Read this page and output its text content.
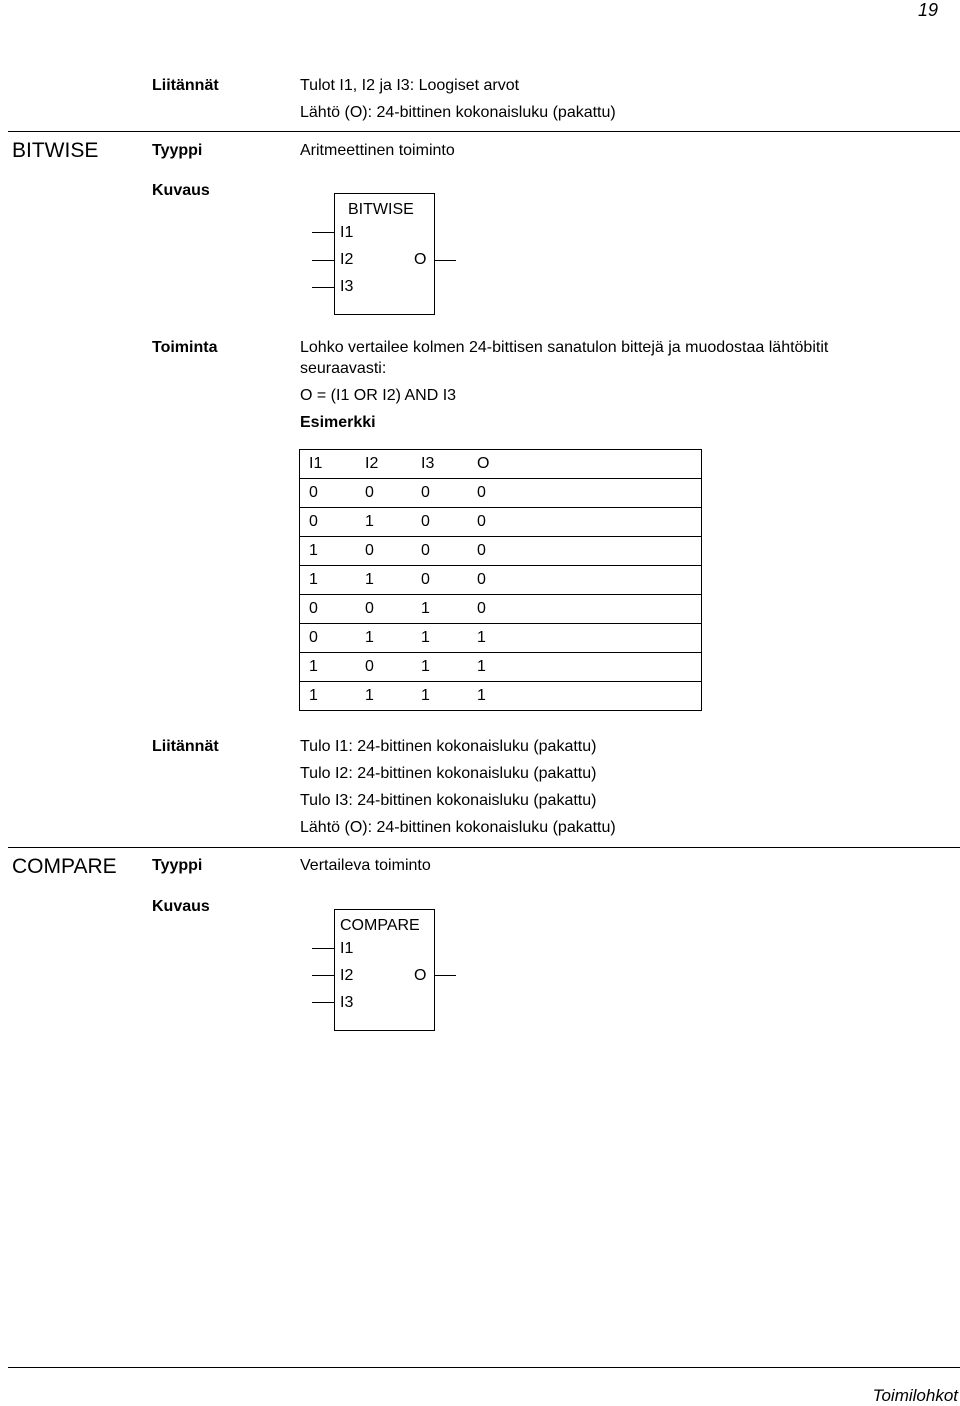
19
Liitännät	Tulot I1, I2 ja I3: Loogiset arvot
Lähtö (O): 24-bittinen kokonaisluku (pakattu)
BITWISE	Tyyppi	Aritmeettinen toiminto
Kuvaus
BITWISE
I1
I2
I3
O
Toiminta	Lohko vertailee kolmen 24-bittisen sanatulon bittejä ja muodostaa lähtöbitit
seuraavasti:
O = (I1 OR I2) AND I3
Esimerkki
I1	I2	I3	O
0	0	0	0
0	1	0	0
1	0	0	0
1	1	0	0
0	0	1	0
0	1	1	1
1	0	1	1
1	1	1	1
Liitännät	Tulo I1: 24-bittinen kokonaisluku (pakattu)
Tulo I2: 24-bittinen kokonaisluku (pakattu)
Tulo I3: 24-bittinen kokonaisluku (pakattu)
Lähtö (O): 24-bittinen kokonaisluku (pakattu)
COMPARE Tyyppi	Vertaileva toiminto
Kuvaus
COMPARE
I1
I2
I3
O
Toimilohkot
